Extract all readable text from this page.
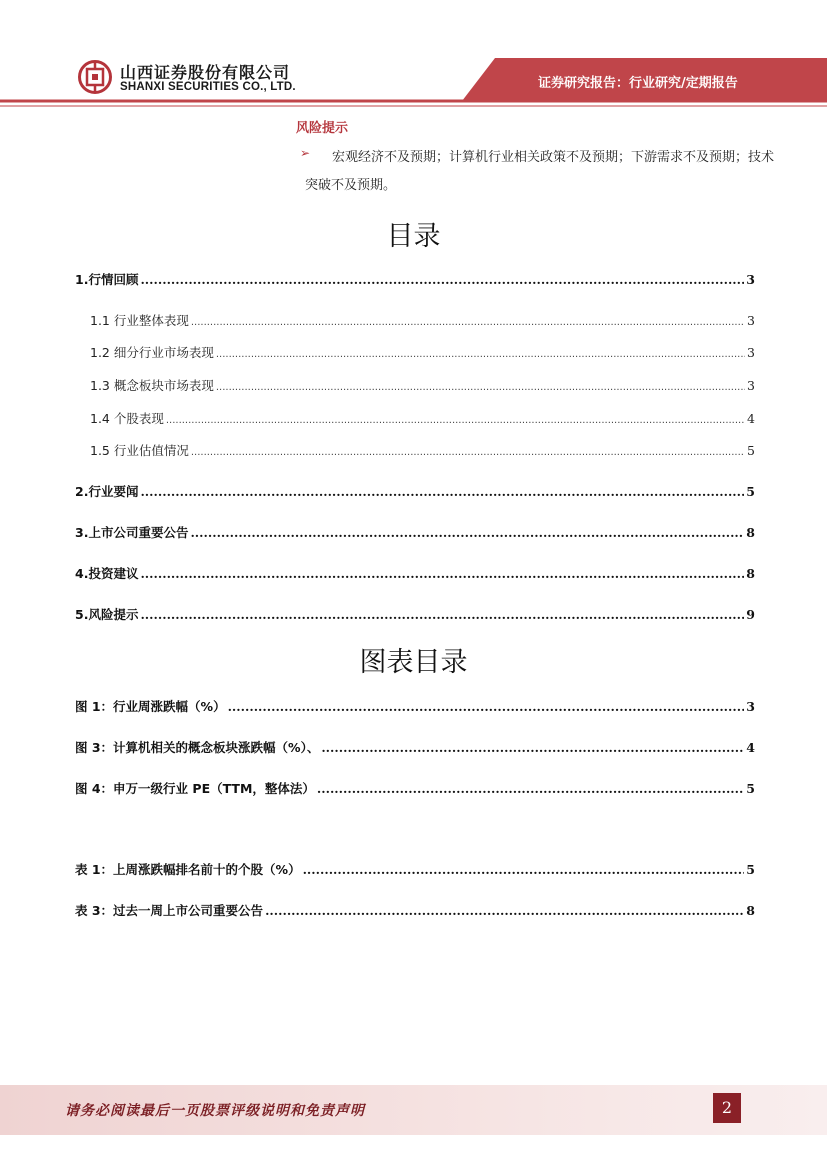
山西证券股份有限公司
SHANXI SECURITIES CO., LTD.	证券研究报告：行业研究/定期报告
风险提示
➢	宏观经济不及预期；计算机行业相关政策不及预期；下游需求不及预期；技术突破不及预期。
目录
1.行情回顾 .....	3
1.1 行业整体表现 .....	3
1.2 细分行业市场表现 .....	3
1.3 概念板块市场表现 .....	3
1.4 个股表现 .....	4
1.5 行业估值情况 .....	5
2.行业要闻 .....	5
3.上市公司重要公告 .....	8
4.投资建议 .....	8
5.风险提示 .....	9
图表目录
图 1：行业周涨跌幅（%） .....	3
图 3：计算机相关的概念板块涨跌幅（%）、 .....	4
图 4：申万一级行业 PE（TTM，整体法） .....	5
表 1：上周涨跌幅排名前十的个股（%） .....	5
表 3：过去一周上市公司重要公告 .....	8
请务必阅读最后一页股票评级说明和免责声明	2
